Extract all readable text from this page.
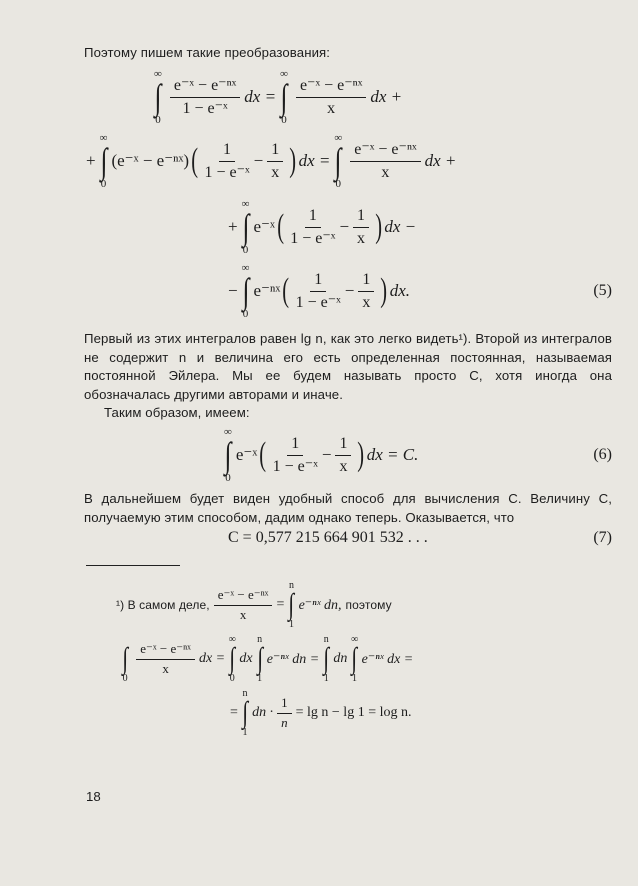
Поэтому пишем такие преобразования:
∞
∫
0
$\frac{\text{e⁻ˣ − e⁻ⁿˣ}}{\text{1 − e⁻ˣ}}$ dx =
∞
∫
0
$\frac{\text{e⁻ˣ − e⁻ⁿˣ}}{x}$ dx +
+
∞
∫
0
(e⁻ˣ − e⁻ⁿˣ) ( $\frac{1}{\text{1 − e⁻ˣ}} - \frac{1}{x}$ ) dx =
∞
∫
0
$\frac{\text{e⁻ˣ − e⁻ⁿˣ}}{x}$ dx +
+
∞
∫
0
e⁻ˣ ( $\frac{1}{\text{1 − e⁻ˣ}} - \frac{1}{x}$ ) dx −
−
∞
∫
0
e⁻ⁿˣ ( $\frac{1}{\text{1 − e⁻ˣ}} - \frac{1}{x}$ ) dx.	(5)
Первый из этих интегралов равен lg n, как это легко видеть¹). Второй из интегралов не содержит n и величина его есть определенная постоянная, называемая постоянной Эйлера. Мы ее будем называть просто C, хотя иногда она обозначалась другими авторами и иначе.
Таким образом, имеем:
∞
∫
0
e⁻ˣ ( $\frac{1}{\text{1 − e⁻ˣ}} - \frac{1}{x}$ ) dx = C.	(6)
В дальнейшем будет виден удобный способ для вычисления C. Величину C, получаемую этим способом, дадим однако теперь. Оказывается, что
C = 0,577 215 664 901 532 . . .	(7)
¹) В самом деле, $\frac{\text{e⁻ˣ − e⁻ⁿˣ}}{x}$ =
n
∫
1
e⁻ⁿˣ dn, поэтому
∫
0
$\frac{\text{e⁻ˣ − e⁻ⁿˣ}}{x}$ dx =
∞
∫
0
dx
n
∫
1
e⁻ⁿˣ dn =
n
∫
1
dn
∞
∫
1
e⁻ⁿˣ dx =
=
n
∫
1
dn · $\frac{1}{n} = \lg n - \lg 1 = \log n$.
18
